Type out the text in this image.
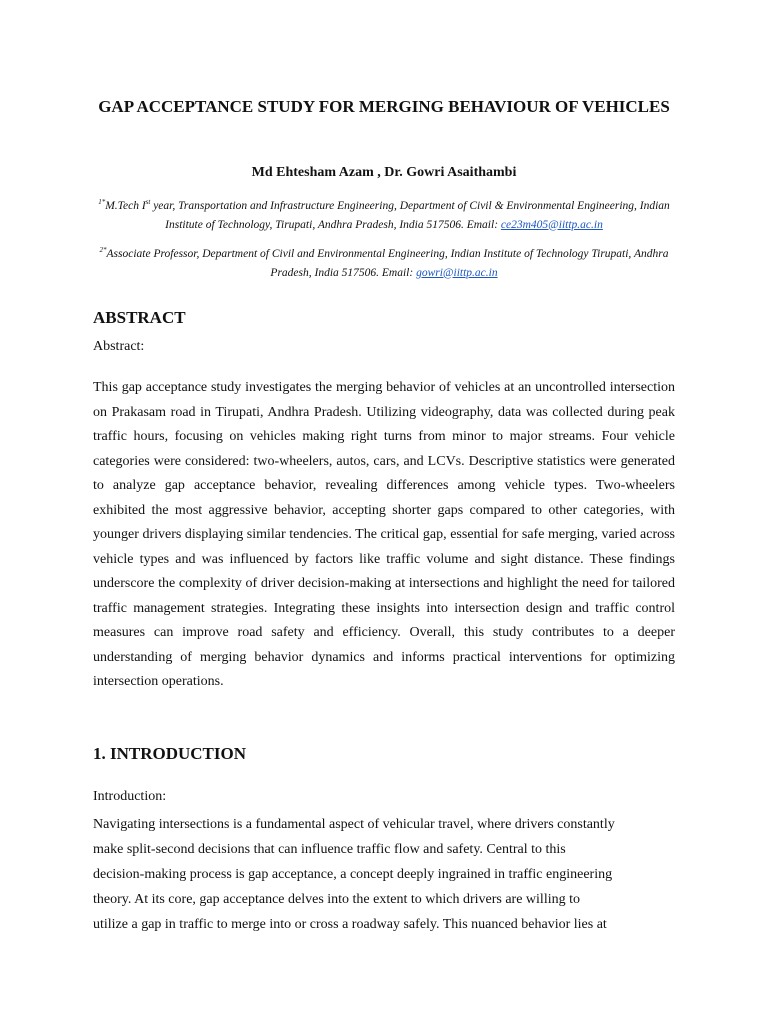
GAP ACCEPTANCE STUDY FOR MERGING BEHAVIOUR OF VEHICLES

Md Ehtesham Azam , Dr. Gowri Asaithambi

$^{1*}$M.Tech Ist year, Transportation and Infrastructure Engineering, Department of Civil & Environmental Engineering, Indian Institute of Technology, Tirupati, Andhra Pradesh, India 517506. Email: ce23m405@iittp.ac.in

$^{2*}$Associate Professor, Department of Civil and Environmental Engineering, Indian Institute of Technology Tirupati, Andhra Pradesh, India 517506. Email: gowri@iittp.ac.in

ABSTRACT

Abstract:

This gap acceptance study investigates the merging behavior of vehicles at an uncontrolled intersection on Prakasam road in Tirupati, Andhra Pradesh. Utilizing videography, data was collected during peak traffic hours, focusing on vehicles making right turns from minor to major streams. Four vehicle categories were considered: two-wheelers, autos, cars, and LCVs. Descriptive statistics were generated to analyze gap acceptance behavior, revealing differences among vehicle types. Two-wheelers exhibited the most aggressive behavior, accepting shorter gaps compared to other categories, with younger drivers displaying similar tendencies. The critical gap, essential for safe merging, varied across vehicle types and was influenced by factors like traffic volume and sight distance. These findings underscore the complexity of driver decision-making at intersections and highlight the need for tailored traffic management strategies. Integrating these insights into intersection design and traffic control measures can improve road safety and efficiency. Overall, this study contributes to a deeper understanding of merging behavior dynamics and informs practical interventions for optimizing intersection operations.

1. INTRODUCTION

Introduction:

Navigating intersections is a fundamental aspect of vehicular travel, where drivers constantly
make split-second decisions that can influence traffic flow and safety. Central to this
decision-making process is gap acceptance, a concept deeply ingrained in traffic engineering
theory. At its core, gap acceptance delves into the extent to which drivers are willing to
utilize a gap in traffic to merge into or cross a roadway safely. This nuanced behavior lies at
